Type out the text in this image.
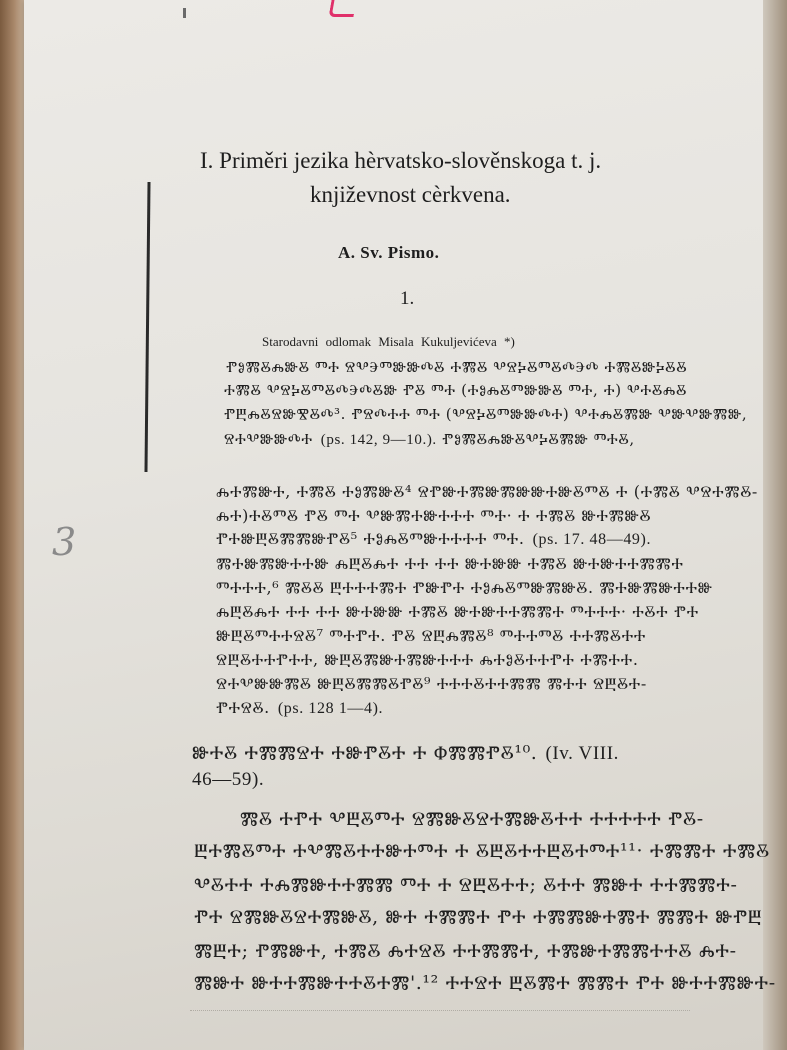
3
I. Priměri jezika hèrvatsko-slověnskoga t. j.
književnost cèrkvena.
A. Sv. Pismo.
1.
Starodavni odlomak Misala Kukuljevićeva *)
ⰒⰑⰏⰋⰎⰖⰋ ⰕⰀ ⰔⰂⰅⰕⰖⰖⰄⰋ ⰀⰏⰋ ⰂⰔⰍⰋⰕⰋⰄⰅⰄ ⰀⰏⰋⰖⰍⰋⰋ
ⰀⰏⰋ ⰂⰔⰍⰋⰕⰋⰄⰅⰄⰋⰖ ⰒⰋ ⰕⰀ (ⰀⰑⰎⰋⰕⰖⰖⰋ ⰕⰀ, Ⰰ) ⰂⰀⰋⰎⰋ
ⰒⰁⰎⰋⰔⰖⰊⰋⰄ³. ⰒⰔⰄⰀⰀ ⰕⰀ (ⰂⰔⰍⰋⰕⰖⰖⰄⰀ) ⰂⰀⰎⰋⰏⰖ ⰂⰖⰂⰖⰏⰖ,
ⰔⰀⰂⰖⰖⰄⰀ (ps. 142, 9—10.). ⰒⰑⰏⰋⰎⰖⰋⰂⰍⰋⰏⰖ ⰕⰀⰋ,
ⰎⰀⰏⰖⰀ, ⰀⰏⰋ ⰀⰑⰏⰖⰋ⁴ ⰔⰒⰖⰀⰏⰖⰏⰖⰖⰀⰖⰋⰕⰋ Ⰰ (ⰀⰏⰋ ⰂⰔⰀⰏⰋ-
ⰎⰀ)ⰀⰋⰕⰋ ⰒⰋ ⰕⰀ ⰂⰖⰏⰀⰖⰀⰀⰀ ⰕⰀ· Ⰰ ⰀⰏⰋ ⰖⰀⰏⰖⰋ
ⰒⰀⰖⰁⰋⰏⰏⰖⰒⰋ⁵ ⰀⰑⰎⰋⰕⰖⰀⰀⰀⰀ ⰕⰀ. (ps. 17. 48—49).
ⰏⰀⰖⰏⰖⰀⰀⰖ ⰎⰁⰋⰎⰀ ⰀⰀ ⰀⰀ ⰖⰀⰖⰖ ⰀⰏⰋ ⰖⰀⰖⰀⰀⰏⰏⰀ
ⰕⰀⰀⰀ,⁶ ⰏⰋⰋ ⰁⰀⰀⰀⰏⰀ ⰒⰖⰒⰀ ⰀⰑⰎⰋⰕⰖⰏⰖⰋ. ⰏⰀⰖⰏⰖⰀⰀⰖ
ⰎⰁⰋⰎⰀ ⰀⰀ ⰀⰀ ⰖⰀⰖⰖ ⰀⰏⰋ ⰖⰀⰖⰀⰀⰏⰏⰀ ⰕⰀⰀⰀ· ⰀⰋⰀ ⰒⰀ
ⰖⰁⰋⰕⰀⰀⰔⰋ⁷ ⰕⰀⰒⰀ. ⰒⰋ ⰔⰁⰎⰏⰋ⁸ ⰕⰀⰀⰕⰋ ⰀⰀⰏⰋⰀⰀ
ⰔⰁⰋⰀⰀⰒⰀⰀ, ⰖⰁⰋⰏⰖⰀⰏⰖⰀⰀⰀ ⰎⰀⰑⰋⰀⰀⰒⰀ ⰀⰏⰀⰀ.
ⰔⰀⰂⰖⰖⰏⰋ ⰖⰁⰋⰏⰏⰋⰒⰋ⁹ ⰀⰀⰀⰋⰀⰀⰏⰏ ⰏⰀⰀ ⰔⰁⰋⰀ-
ⰒⰀⰔⰋ. (ps. 128 1—4).
ⰖⰀⰋ ⰀⰏⰏⰔⰀ ⰀⰖⰒⰋⰀ Ⰰ ⰗⰏⰏⰒⰋ¹⁰. (Iv. VIII.
46—59).
ⰏⰋ ⰀⰒⰀ ⰂⰁⰋⰕⰀ ⰔⰏⰖⰋⰔⰀⰏⰖⰋⰀⰀ ⰀⰀⰀⰀⰀ ⰒⰋ-
ⰁⰀⰏⰋⰕⰀ ⰀⰂⰏⰋⰀⰀⰖⰀⰕⰀ Ⰰ ⰋⰁⰋⰀⰀⰁⰋⰀⰕⰀ¹¹· ⰀⰏⰏⰀ ⰀⰏⰋ
ⰂⰋⰀⰀ ⰀⰎⰏⰖⰀⰀⰏⰏ ⰕⰀ Ⰰ ⰔⰁⰋⰀⰀ; ⰋⰀⰀ ⰏⰖⰀ ⰀⰀⰏⰏⰀ-
ⰒⰀ ⰔⰏⰖⰋⰔⰀⰏⰖⰋ, ⰖⰀ ⰀⰏⰏⰀ ⰒⰀ ⰀⰏⰏⰖⰀⰏⰀ ⰏⰏⰀ ⰖⰒⰁ
ⰏⰁⰀ; ⰒⰏⰖⰀ, ⰀⰏⰋ ⰎⰀⰔⰋ ⰀⰀⰏⰏⰀ, ⰀⰏⰖⰀⰏⰏⰀⰀⰋ ⰎⰀ-
ⰏⰖⰀ ⰖⰀⰀⰏⰖⰀⰀⰋⰀⰏ'.¹² ⰀⰀⰔⰀ ⰁⰋⰏⰀ ⰏⰏⰀ ⰒⰀ ⰖⰀⰀⰏⰖⰀ-
